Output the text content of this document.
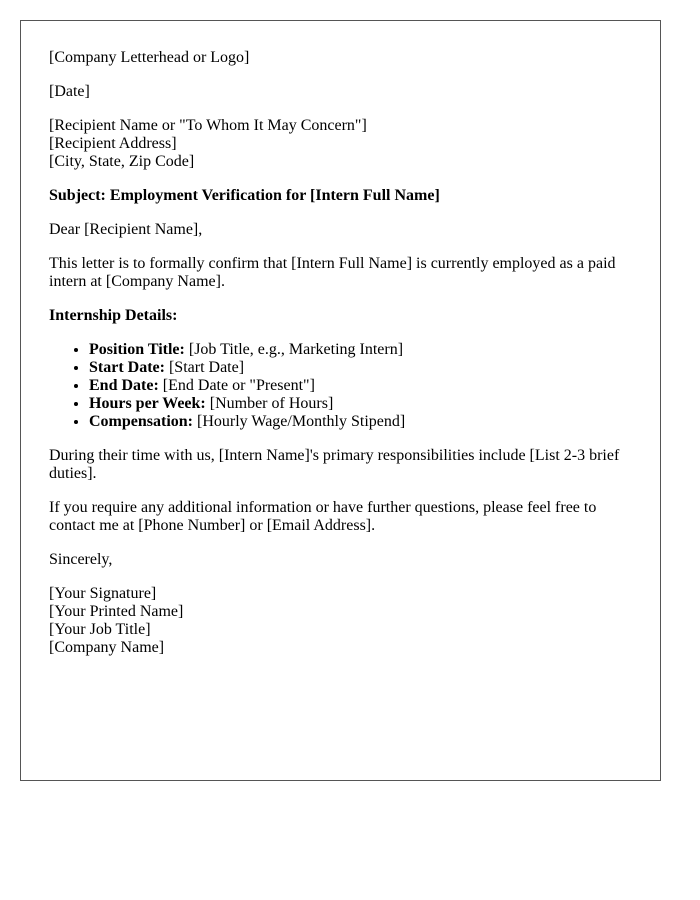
[Company Letterhead or Logo]

[Date]

[Recipient Name or "To Whom It May Concern"]
[Recipient Address]
[City, State, Zip Code]

Subject: Employment Verification for [Intern Full Name]

Dear [Recipient Name],

This letter is to formally confirm that [Intern Full Name] is currently employed as a paid intern at [Company Name].

Internship Details:

• Position Title: [Job Title, e.g., Marketing Intern]
• Start Date: [Start Date]
• End Date: [End Date or "Present"]
• Hours per Week: [Number of Hours]
• Compensation: [Hourly Wage/Monthly Stipend]

During their time with us, [Intern Name]'s primary responsibilities include [List 2-3 brief duties].

If you require any additional information or have further questions, please feel free to contact me at [Phone Number] or [Email Address].

Sincerely,

[Your Signature]
[Your Printed Name]
[Your Job Title]
[Company Name]
